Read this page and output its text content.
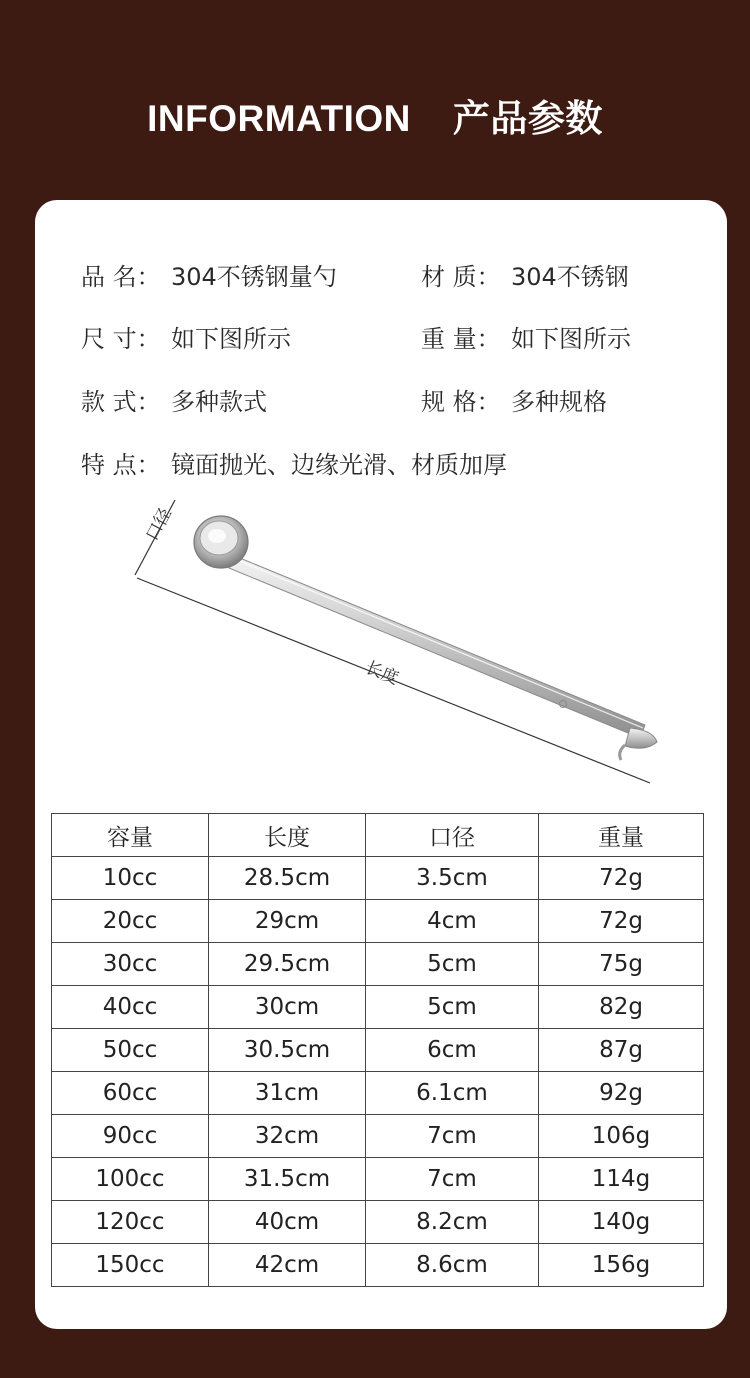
INFORMATION 产品参数
品 名： 304不锈钢量勺	材 质： 304不锈钢
尺 寸： 如下图所示	重 量： 如下图所示
款 式： 多种款式	规 格： 多种规格
特 点： 镜面抛光、边缘光滑、材质加厚
口径
长度
容量	长度	口径	重量
10cc	28.5cm	3.5cm	72g
20cc	29cm	4cm	72g
30cc	29.5cm	5cm	75g
40cc	30cm	5cm	82g
50cc	30.5cm	6cm	87g
60cc	31cm	6.1cm	92g
90cc	32cm	7cm	106g
100cc	31.5cm	7cm	114g
120cc	40cm	8.2cm	140g
150cc	42cm	8.6cm	156g
